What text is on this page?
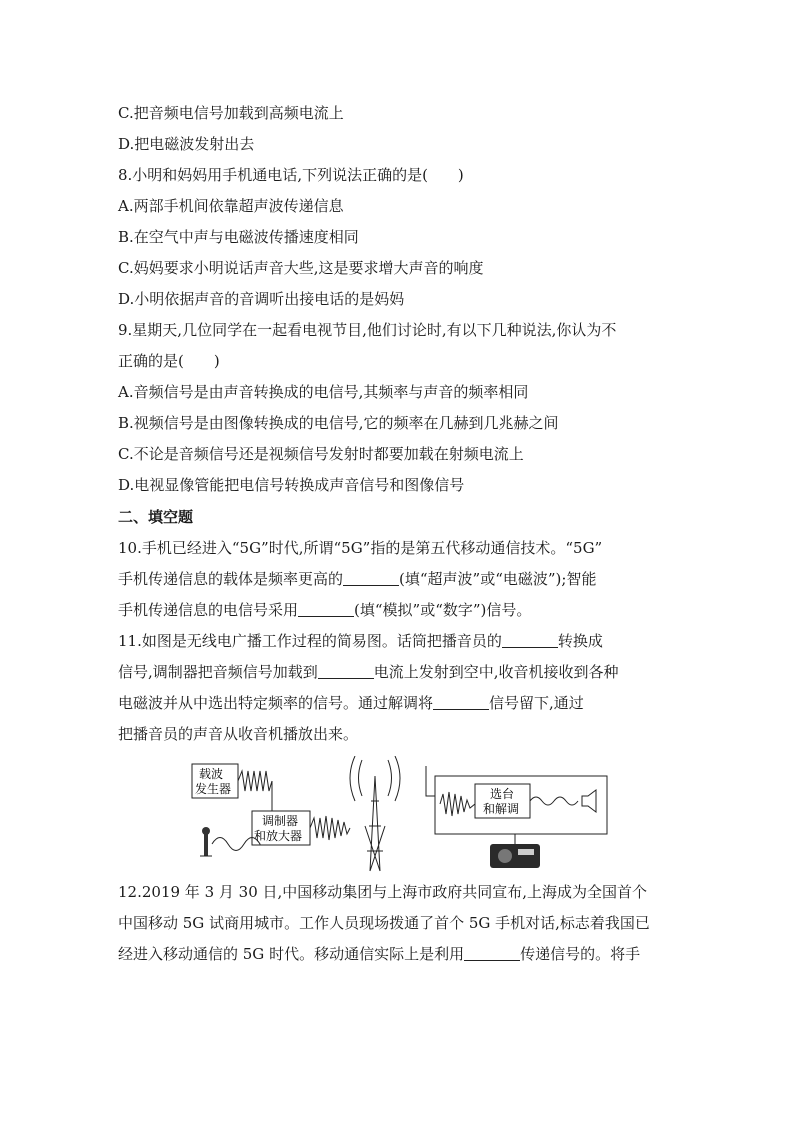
C.把音频电信号加载到高频电流上
D.把电磁波发射出去
8.小明和妈妈用手机通电话,下列说法正确的是(　　)
A.两部手机间依靠超声波传递信息
B.在空气中声与电磁波传播速度相同
C.妈妈要求小明说话声音大些,这是要求增大声音的响度
D.小明依据声音的音调听出接电话的是妈妈
9.星期天,几位同学在一起看电视节目,他们讨论时,有以下几种说法,你认为不
正确的是(　　)
A.音频信号是由声音转换成的电信号,其频率与声音的频率相同
B.视频信号是由图像转换成的电信号,它的频率在几赫到几兆赫之间
C.不论是音频信号还是视频信号发射时都要加载在射频电流上
D.电视显像管能把电信号转换成声音信号和图像信号
二、填空题
10.手机已经进入“5G”时代,所谓“5G”指的是第五代移动通信技术。“5G”
手机传递信息的载体是频率更高的	(填“超声波”或“电磁波”);智能
手机传递信息的电信号采用	(填“模拟”或“数字”)信号。
11.如图是无线电广播工作过程的简易图。话筒把播音员的	转换成
信号,调制器把音频信号加载到	电流上发射到空中,收音机接收到各种
电磁波并从中选出特定频率的信号。通过解调将	信号留下,通过
把播音员的声音从收音机播放出来。
载波
发生器
调制器
和放大器
选台
和解调
12.2019 年 3 月 30 日,中国移动集团与上海市政府共同宣布,上海成为全国首个
中国移动 5G 试商用城市。工作人员现场拨通了首个 5G 手机对话,标志着我国已
经进入移动通信的 5G 时代。移动通信实际上是利用	传递信号的。将手
